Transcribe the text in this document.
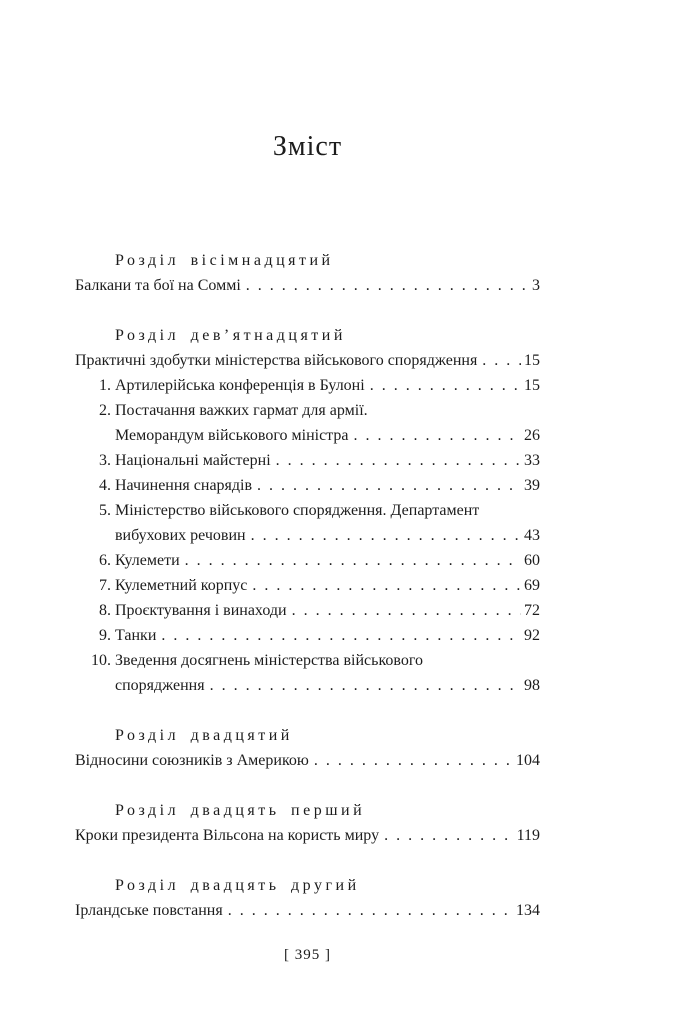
Зміст
Розділ вісімнадцятий
Балкани та бої на Соммі . . .	3
Розділ дев’ятнадцятий
Практичні здобутки міністерства військового спорядження . . .	15
1. Артилерійська конференція в Булоні . . .	15
2. Постачання важких гармат для армії.
Меморандум військового міністра . . .	26
3. Національні майстерні . . .	33
4. Начинення снарядів . . .	39
5. Міністерство військового спорядження. Департамент
вибухових речовин . . .	43
6. Кулемети . . .	60
7. Кулеметний корпус . . .	69
8. Проєктування і винаходи . . .	72
9. Танки . . .	92
10. Зведення досягнень міністерства військового
спорядження . . .	98
Розділ двадцятий
Відносини союзників з Америкою . . .	104
Розділ двадцять перший
Кроки президента Вільсона на користь миру . . .	119
Розділ двадцять другий
Ірландське повстання . . .	134
[ 395 ]
